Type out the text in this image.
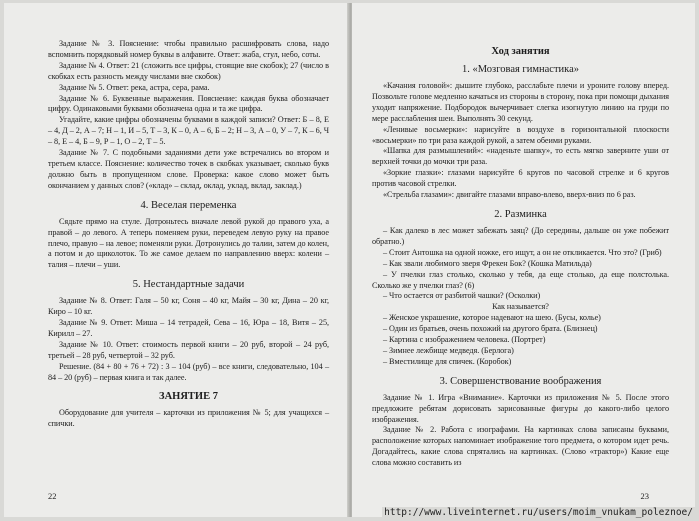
Задание № 3. Пояснение: чтобы правильно расшифровать слова, надо вспомнить порядковый номер буквы в алфавите. Ответ: жаба, стул, небо, соты.

Задание № 4. Ответ: 21 (сложить все цифры, стоящие вне скобок); 27 (число в скобках есть разность между числами вне скобок)

Задание № 5. Ответ: река, астра, сера, рама.

Задание № 6. Буквенные выражения. Пояснение: каждая буква обозначает цифру. Одинаковыми буквами обозначена одна и та же цифра.

Угадайте, какие цифры обозначены буквами в каждой записи? Ответ: Б – 8, Е – 4, Д – 2, А – 7; Н – 1, И – 5, Т – 3, К – 0, А – 6, Б – 2; Н – 3, А – 0, У – 7, К – 6, Ч – 8, Е – 4, Б – 9, Р – 1, О – 2, Т – 5.

Задание № 7. С подобными заданиями дети уже встречались во втором и третьем классе. Пояснение: количество точек в скобках указывает, сколько букв должно быть в пропущенном слове. Проверка: какое слово может быть окончанием у данных слов? («клад» – склад, оклад, уклад, вклад, заклад.)

4. Веселая переменка

Сядьте прямо на стуле. Дотроньтесь вначале левой рукой до правого уха, а правой – до левого. А теперь поменяем руки, переведем левую руку на правое плечо, правую – на левое; поменяли руки. Дотронулись до талии, затем до колен, а потом и до щиколоток. То же самое делаем по направлению вверх: колени – талия – плечи – уши.

5. Нестандартные задачи

Задание № 8. Ответ: Галя – 50 кг, Соня – 40 кг, Майя – 30 кг, Дина – 20 кг, Киро – 10 кг.

Задание № 9. Ответ: Миша – 14 тетрадей, Сева – 16, Юра – 18, Витя – 25, Кирилл – 27.

Задание № 10. Ответ: стоимость первой книги – 20 руб, второй – 24 руб, третьей – 28 руб, четвертой – 32 руб.

Решение. (84 + 80 + 76 + 72) : 3 – 104 (руб) – все книги, следовательно, 104 – 84 – 20 (руб) – первая книга и так далее.

ЗАНЯТИЕ 7

Оборудование для учителя – карточки из приложения № 5; для учащихся – спички.

22
Ход занятия
1. «Мозговая гимнастика»

«Качания головой»: дышите глубоко, расслабьте плечи и уроните голову вперед. Позвольте голове медленно качаться из стороны в сторону, пока при помощи дыхания уходит напряжение. Подбородок вычерчивает слегка изогнутую линию на груди по мере расслабления шеи. Выполнять 30 секунд.

«Ленивые восьмерки»: нарисуйте в воздухе в горизонтальной плоскости «восьмерки» по три раза каждой рукой, а затем обеими руками.

«Шапка для размышлений»: «наденьте шапку», то есть мягко заверните уши от верхней точки до мочки три раза.

«Зоркие глазки»: глазами нарисуйте 6 кругов по часовой стрелке и 6 кругов против часовой стрелки.

«Стрельба глазами»: двигайте глазами вправо-влево, вверх-вниз по 6 раз.

2. Разминка

– Как далеко в лес может забежать заяц? (До середины, дальше он уже побежит обратно.)

– Стоит Антошка на одной ножке, его ищут, а он не откликается. Что это? (Гриб)

– Как звали любимого зверя Фрекен Бок? (Кошка Матильда)

– У пчелки глаз столько, сколько у тебя, да еще столько, да еще полстолька. Сколько же у пчелки глаз? (6)

– Что остается от разбитой чашки? (Осколки)

Как называется?

– Женское украшение, которое надевают на шею. (Бусы, колье)

– Один из братьев, очень похожий на другого брата. (Близнец)

– Картина с изображением человека. (Портрет)

– Зимнее лежбище медведя. (Берлога)

– Вместилище для спичек. (Коробок)

3. Совершенствование воображения

Задание № 1. Игра «Внимание». Карточки из приложения № 5. После этого предложите ребятам дорисовать зарисованные фигуры до какого-либо целого изображения.

Задание № 2. Работа с изографами. На картинках слова записаны буквами, расположение которых напоминает изображение того предмета, о котором идет речь. Догадайтесь, какие слова спрятались на картинках. (Слово «трактор») Какие еще слова можно составить из

23
http://www.liveinternet.ru/users/moim_vnukam_poleznoe/
